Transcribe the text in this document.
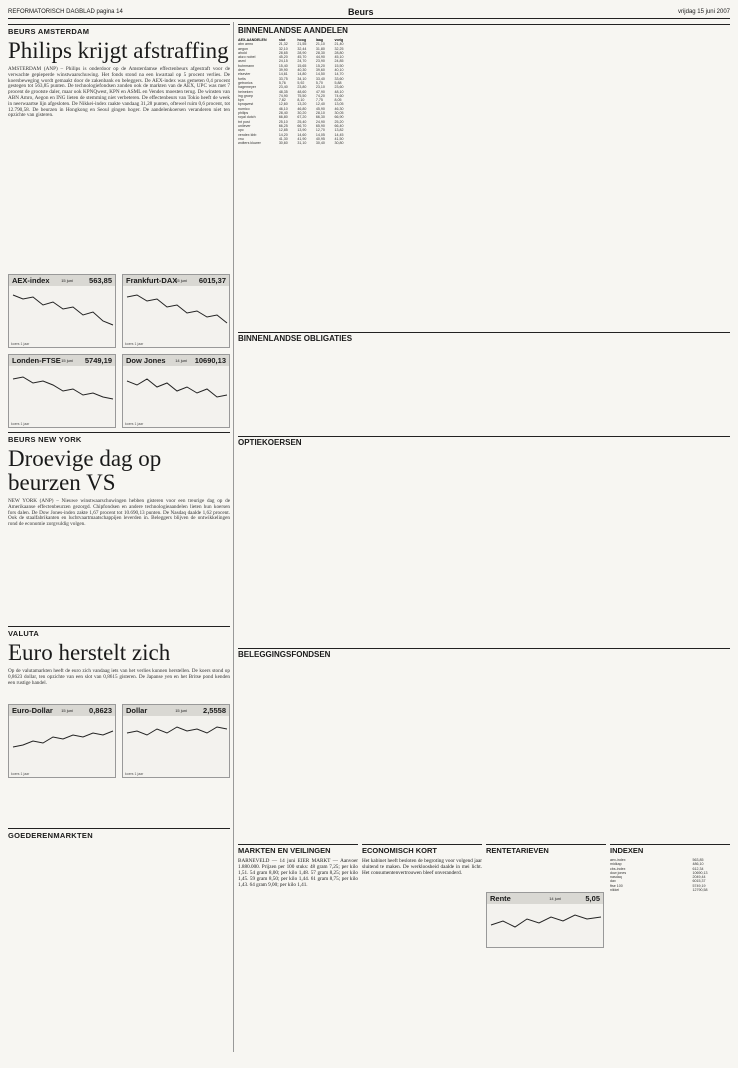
REFORMATORISCH DAGBLAD pagina 14	Beurs	vrijdag 15 juni 2007
BEURS AMSTERDAM
Philips krijgt afstraffing

AMSTERDAM (ANP) – Philips is onderdoor op de Amsterdamse effectenbeurs afgestraft voor de verwachte gepieperde winstwaarschuwing. Het fonds stond na een kwartaal op 5 procent verlies. De koersbeweging wordt gemaakt door de zakenbank en beleggers. De AEX-index was gemeten 0,4 procent gestegen tot 563,85 punten. De technologiefondsen zonden ook de markten van de AEX, UPC was met 7 procent de grootste daler, maar ook KPNQwest, KPN en ASML en Vendex moesten terug. De winsten van ABN Amro, Aegon en ING lieten de stemming niet verbeteren. De effectenbeurs van Tokio heeft de week in neerwaartse lijn afgesloten. De Nikkei-index raakte vandaag 31,28 punten, oftewel ruim 0,6 procent, tot 12.790,58. De beurzen in Hongkong en Seoul gingen hoger. De aandelenkoersen veranderen niet ten opzichte van gisteren.

AEX-index	15 juni 563,85
koers 1 jaar
Frankfurt-DAX
15 juni 6015,37
koers 1 jaar
Londen-FTSE 15 juni 5749,19
koers 1 jaar
Dow Jones 14 juni 10690,13
koers 1 jaar
BEURS NEW YORK
Droevige dag op beurzen VS

NEW YORK (ANP) – Nieuwe winstwaarschuwingen hebben gisteren voor een treurige dag op de Amerikaanse effectenbeurzen gezorgd. Chipfondsen en andere technologieaandelen lieten hun koersen fors dalen. De Dow Jones-index zakte 1,67 procent tot 10.690,13 punten. De Nasdaq daalde 1,62 procent. Ook de staalfabrikanten en luchtvaartmaatschappijen leverden in. Beleggers blijven de ontwikkelingen rond de economie zorgvuldig volgen.

VALUTA
Euro herstelt zich

Op de valutamarkten heeft de euro zich vandaag iets van het verlies kunnen herstellen. De koers stond op 0,8623 dollar, ten opzichte van een slot van 0,8615 gisteren. De Japanse yen en het Britse pond kenden een rustige handel.

Euro-Dollar 15 juni 0,8623
koers 1 jaar
Dollar	15 juni 2,5558
koers 1 jaar
GOEDERENMARKTEN
BINNENLANDSE AANDELEN
AEX-AANDELEN	slot	hoog	laag	vorig
abn amro	21,32	21,55	21,10	21,40
aegon	32,10	32,44	31,80	32,25
ahold	28,65	28,90	28,30	28,80
akzo nobel	45,20	45,70	44,90	45,10
asml	24,15	24,70	23,90	24,85
buhrmann	15,40	15,65	15,20	15,50
dsm	39,90	40,30	39,60	40,10
elsevier	14,61	14,80	14,50	14,70
fortis	33,75	34,10	33,40	33,60
getronics	5,76	5,92	5,70	5,88
hagemeyer	23,40	23,80	23,10	23,60
heineken	48,35	48,60	47,90	48,10
ing groep	74,90	75,50	74,20	74,60
kpn	7,82	8,10	7,75	8,05
kpnqwest	12,60	13,20	12,40	13,05
numico	46,10	46,80	45,90	46,30
philips	28,40	30,20	28,10	30,05
royal dutch	66,80	67,20	66,30	66,90
tnt post	25,10	25,40	24,90	25,20
unilever	66,25	66,70	65,90	66,40
upc	12,85	13,90	12,70	13,82
vendex kbb	14,20	14,60	14,05	14,45
vnu	41,30	41,90	40,95	41,50
wolters kluwer	30,60	31,10	30,40	30,80
BINNENLANDSE OBLIGATIES
OPTIEKOERSEN
BELEGGINGSFONDSEN
MARKTEN EN VEILINGEN

BARNEVELD — 14 juni EIER MARKT — Aanvoer 1.880.000. Prijzen per 100 stuks: 48 gram 7,25; per kilo 1,51. 54 gram 8,00; per kilo 1,48. 57 gram 8,25; per kilo 1,45. 59 gram 8,50; per kilo 1,44. 61 gram 8,75; per kilo 1,43. 64 gram 9,00; per kilo 1,41.

ECONOMISCH KORT

Het kabinet heeft besloten de begroting voor volgend jaar sluitend te maken. De werkloosheid daalde in mei licht. Het consumentenvertrouwen bleef onveranderd.

RENTETARIEVEN
Rente	14 juni	5,05
INDEXEN
aex-index	563,85
midkap	486,10
cbs-index	612,34
dow jones	10690,13
nasdaq	2049,44
dax	6015,37
ftse 100	5749,19
nikkei	12790,58
